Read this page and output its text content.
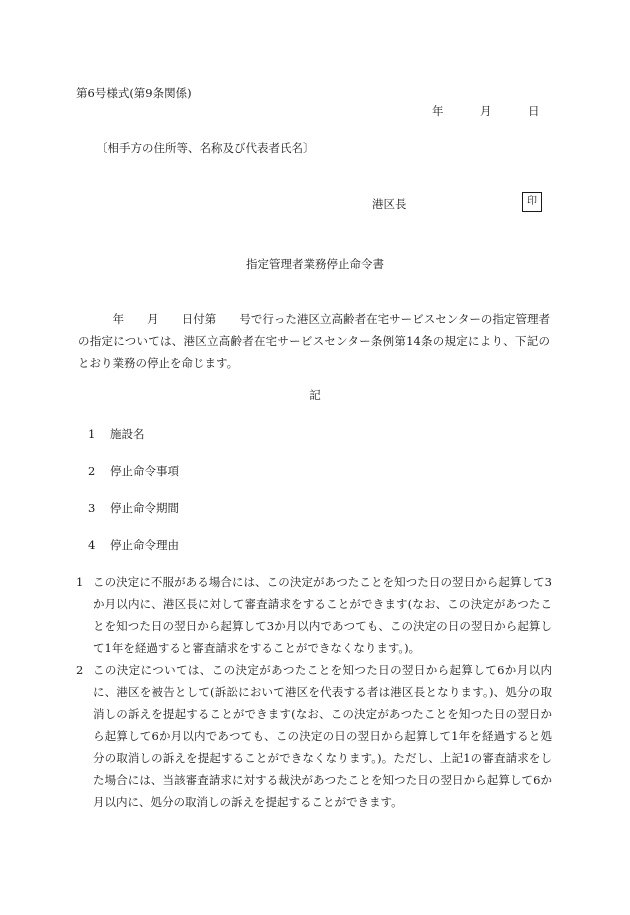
第6号様式(第9条関係)
年	月	日
〔相手方の住所等、名称及び代表者氏名〕
港区長	印
指定管理者業務停止命令書
　　　年　　月　　日付第　　号で行った港区立高齢者在宅サービスセンターの指定管理者の指定については、港区立高齢者在宅サービスセンター条例第14条の規定により、下記のとおり業務の停止を命じます。
記
1 施設名
2 停止命令事項
3 停止命令期間
4 停止命令理由
1 この決定に不服がある場合には、この決定があつたことを知つた日の翌日から起算して3か月以内に、港区長に対して審査請求をすることができます(なお、この決定があつたことを知つた日の翌日から起算して3か月以内であつても、この決定の日の翌日から起算して1年を経過すると審査請求をすることができなくなります。)。
2 この決定については、この決定があつたことを知つた日の翌日から起算して6か月以内に、港区を被告として(訴訟において港区を代表する者は港区長となります。)、処分の取消しの訴えを提起することができます(なお、この決定があつたことを知つた日の翌日から起算して6か月以内であつても、この決定の日の翌日から起算して1年を経過すると処分の取消しの訴えを提起することができなくなります。)。ただし、上記1の審査請求をした場合には、当該審査請求に対する裁決があつたことを知つた日の翌日から起算して6か月以内に、処分の取消しの訴えを提起することができます。
